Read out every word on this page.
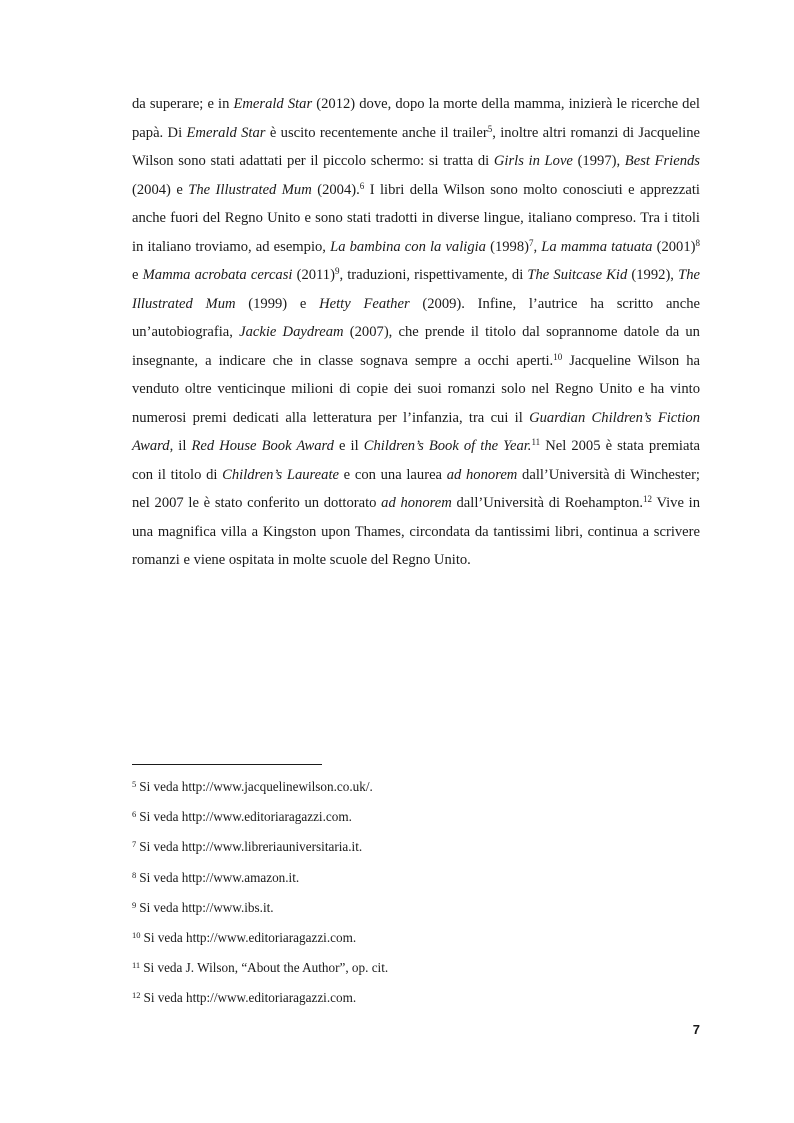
da superare; e in Emerald Star (2012) dove, dopo la morte della mamma, inizierà le ricerche del papà. Di Emerald Star è uscito recentemente anche il trailer$^5$, inoltre altri romanzi di Jacqueline Wilson sono stati adattati per il piccolo schermo: si tratta di Girls in Love (1997), Best Friends (2004) e The Illustrated Mum (2004).$^6$ I libri della Wilson sono molto conosciuti e apprezzati anche fuori del Regno Unito e sono stati tradotti in diverse lingue, italiano compreso. Tra i titoli in italiano troviamo, ad esempio, La bambina con la valigia $(1998)^7$, La mamma tatuata $(2001)^8$ e Mamma acrobata cercasi $(2011)^9$, traduzioni, rispettivamente, di The Suitcase Kid (1992), The Illustrated Mum (1999) e Hetty Feather (2009). Infine, l’autrice ha scritto anche un’autobiografia, Jackie Daydream (2007), che prende il titolo dal soprannome datole da un insegnante, a indicare che in classe sognava sempre a occhi aperti.$^{10}$ Jacqueline Wilson ha venduto oltre venticinque milioni di copie dei suoi romanzi solo nel Regno Unito e ha vinto numerosi premi dedicati alla letteratura per l’infanzia, tra cui il Guardian Children’s Fiction Award, il Red House Book Award e il Children’s Book of the Year.$^{11}$ Nel 2005 è stata premiata con il titolo di Children’s Laureate e con una laurea ad honorem dall’Università di Winchester; nel 2007 le è stato conferito un dottorato ad honorem dall’Università di Roehampton.$^{12}$ Vive in una magnifica villa a Kingston upon Thames, circondata da tantissimi libri, continua a scrivere romanzi e viene ospitata in molte scuole del Regno Unito.

$^5$ Si veda http://www.jacquelinewilson.co.uk/.
$^6$ Si veda http://www.editoriaragazzi.com.
$^7$ Si veda http://www.libreriauniversitaria.it.
$^8$ Si veda http://www.amazon.it.
$^9$ Si veda http://www.ibs.it.
$^{10}$ Si veda http://www.editoriaragazzi.com.
$^{11}$ Si veda J. Wilson, “About the Author”, op. cit.
$^{12}$ Si veda http://www.editoriaragazzi.com.
7
